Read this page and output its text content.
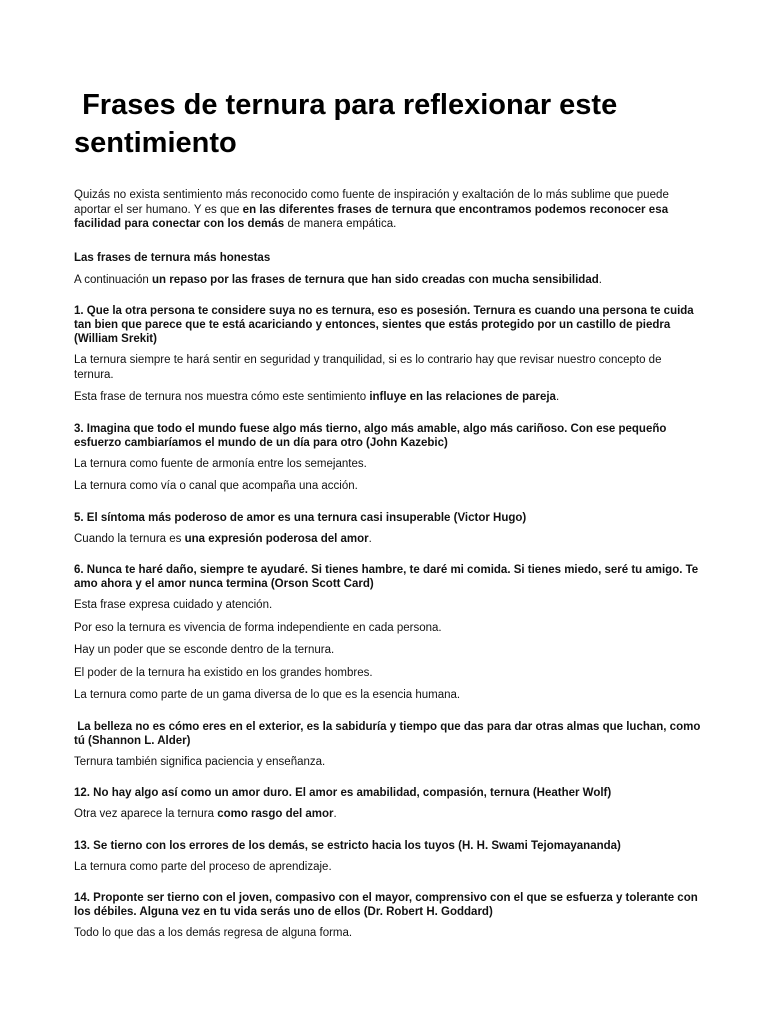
Frases de ternura para reflexionar este sentimiento

Quizás no exista sentimiento más reconocido como fuente de inspiración y exaltación de lo más sublime que puede aportar el ser humano. Y es que en las diferentes frases de ternura que encontramos podemos reconocer esa facilidad para conectar con los demás de manera empática.

Las frases de ternura más honestas

A continuación un repaso por las frases de ternura que han sido creadas con mucha sensibilidad.

1. Que la otra persona te considere suya no es ternura, eso es posesión. Ternura es cuando una persona te cuida tan bien que parece que te está acariciando y entonces, sientes que estás protegido por un castillo de piedra (William Srekit)
La ternura siempre te hará sentir en seguridad y tranquilidad, si es lo contrario hay que revisar nuestro concepto de ternura.
Esta frase de ternura nos muestra cómo este sentimiento influye en las relaciones de pareja.
3. Imagina que todo el mundo fuese algo más tierno, algo más amable, algo más cariñoso. Con ese pequeño esfuerzo cambiaríamos el mundo de un día para otro (John Kazebic)
La ternura como fuente de armonía entre los semejantes.
La ternura como vía o canal que acompaña una acción.
5. El síntoma más poderoso de amor es una ternura casi insuperable (Victor Hugo)
Cuando la ternura es una expresión poderosa del amor.
6. Nunca te haré daño, siempre te ayudaré. Si tienes hambre, te daré mi comida. Si tienes miedo, seré tu amigo. Te amo ahora y el amor nunca termina (Orson Scott Card)
Esta frase expresa cuidado y atención.
Por eso la ternura es vivencia de forma independiente en cada persona.
Hay un poder que se esconde dentro de la ternura.
El poder de la ternura ha existido en los grandes hombres.
La ternura como parte de un gama diversa de lo que es la esencia humana.
La belleza no es cómo eres en el exterior, es la sabiduría y tiempo que das para dar otras almas que luchan, como tú (Shannon L. Alder)
Ternura también significa paciencia y enseñanza.
12. No hay algo así como un amor duro. El amor es amabilidad, compasión, ternura (Heather Wolf)
Otra vez aparece la ternura como rasgo del amor.
13. Se tierno con los errores de los demás, se estricto hacia los tuyos (H. H. Swami Tejomayananda)
La ternura como parte del proceso de aprendizaje.
14. Proponte ser tierno con el joven, compasivo con el mayor, comprensivo con el que se esfuerza y tolerante con los débiles. Alguna vez en tu vida serás uno de ellos (Dr. Robert H. Goddard)
Todo lo que das a los demás regresa de alguna forma.
